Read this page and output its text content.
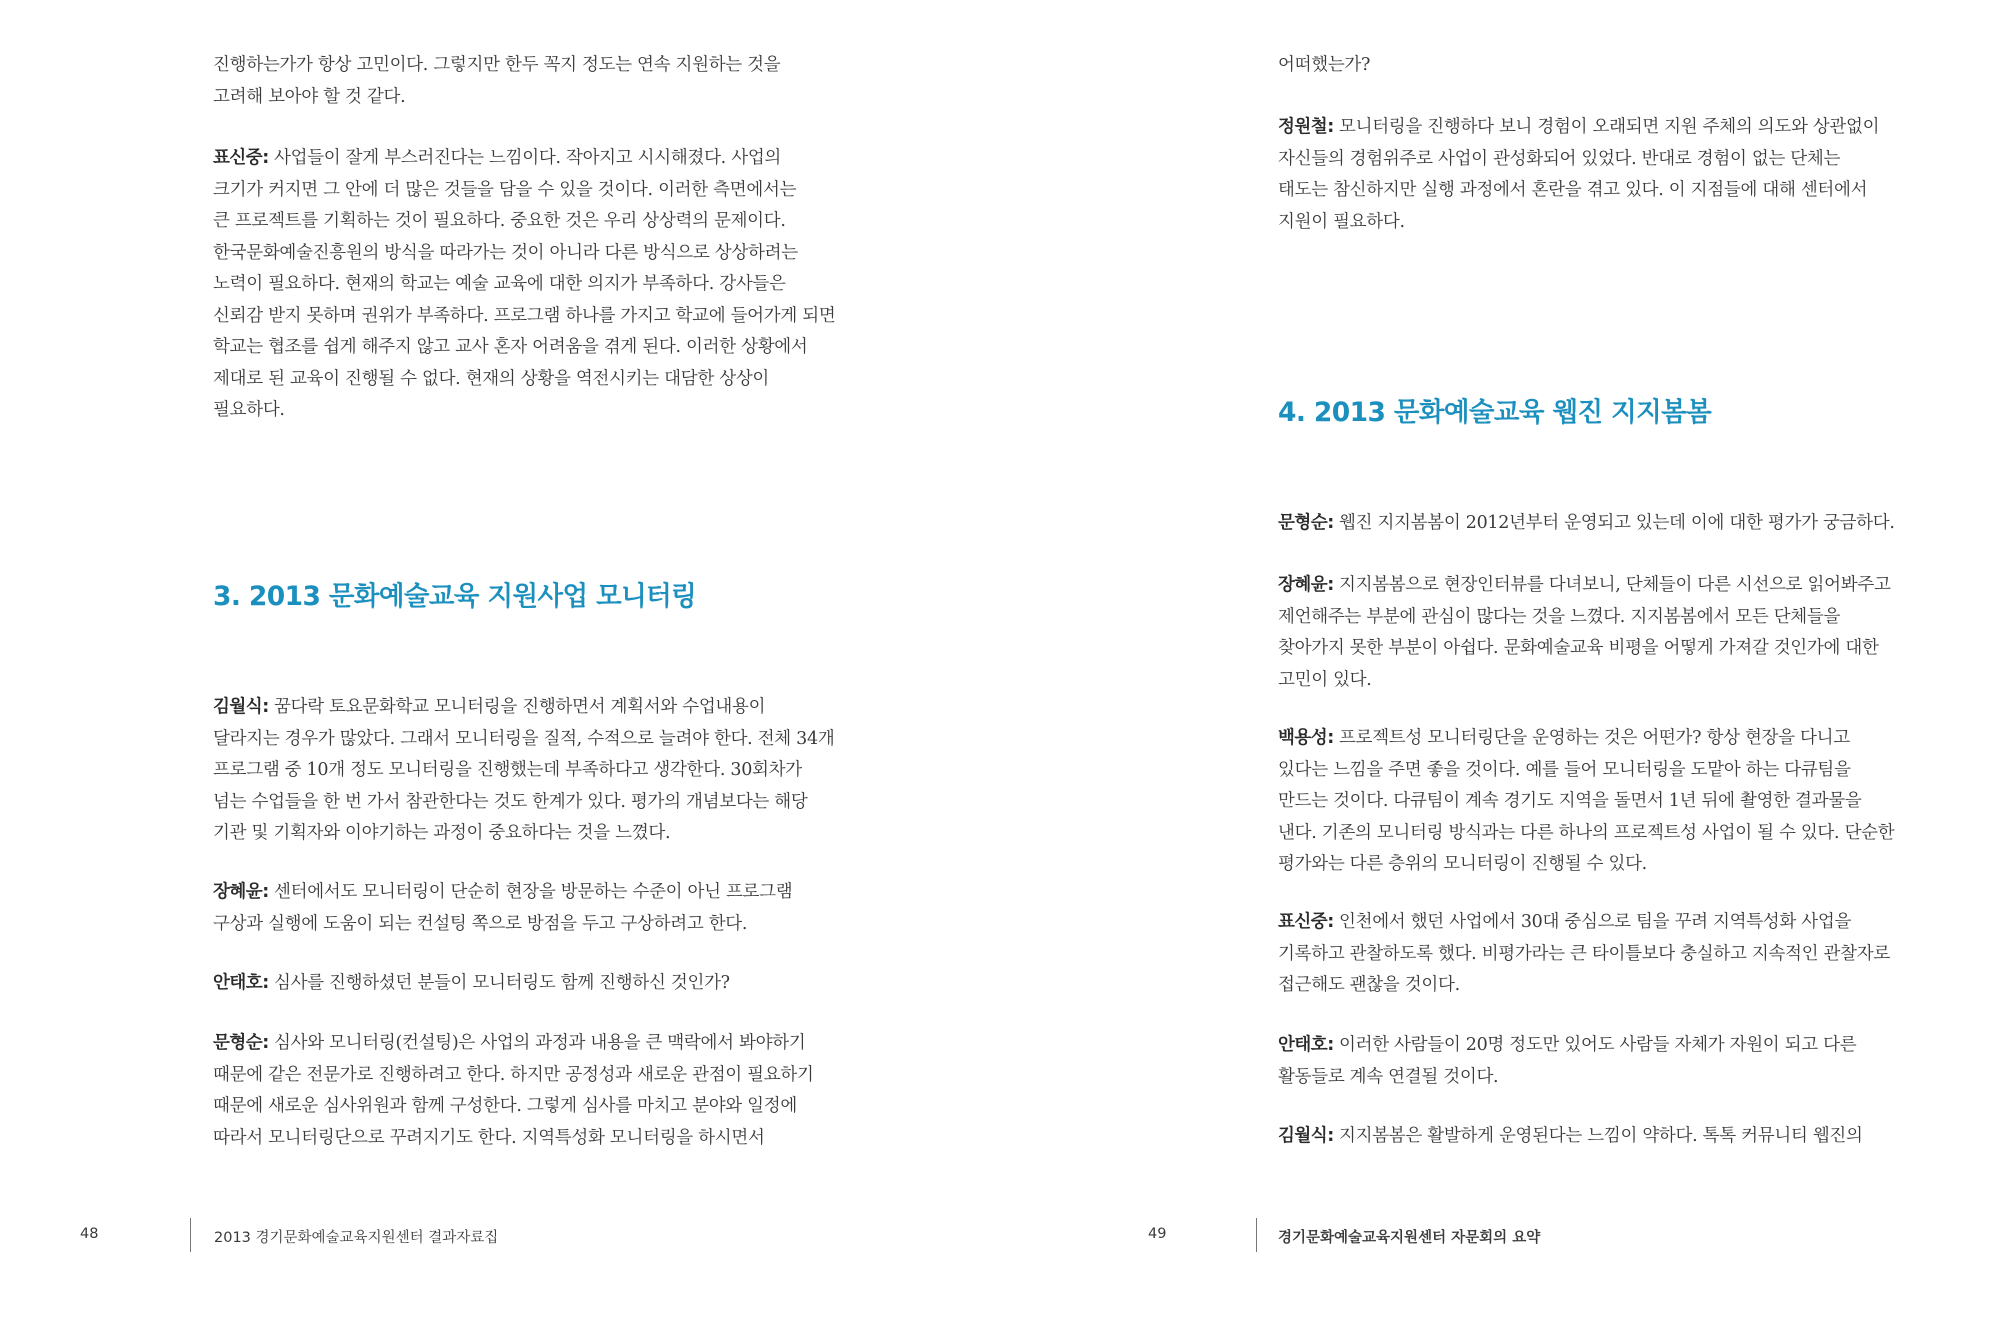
진행하는가가 항상 고민이다. 그렇지만 한두 꼭지 정도는 연속 지원하는 것을
고려해 보아야 할 것 같다.

표신중: 사업들이 잘게 부스러진다는 느낌이다. 작아지고 시시해졌다. 사업의
크기가 커지면 그 안에 더 많은 것들을 담을 수 있을 것이다. 이러한 측면에서는
큰 프로젝트를 기획하는 것이 필요하다. 중요한 것은 우리 상상력의 문제이다.
한국문화예술진흥원의 방식을 따라가는 것이 아니라 다른 방식으로 상상하려는
노력이 필요하다. 현재의 학교는 예술 교육에 대한 의지가 부족하다. 강사들은
신뢰감 받지 못하며 권위가 부족하다. 프로그램 하나를 가지고 학교에 들어가게 되면
학교는 협조를 쉽게 해주지 않고 교사 혼자 어려움을 겪게 된다. 이러한 상황에서
제대로 된 교육이 진행될 수 없다. 현재의 상황을 역전시키는 대담한 상상이
필요하다.

3. 2013 문화예술교육 지원사업 모니터링

김월식: 꿈다락 토요문화학교 모니터링을 진행하면서 계획서와 수업내용이
달라지는 경우가 많았다. 그래서 모니터링을 질적, 수적으로 늘려야 한다. 전체 34개
프로그램 중 10개 정도 모니터링을 진행했는데 부족하다고 생각한다. 30회차가
넘는 수업들을 한 번 가서 참관한다는 것도 한계가 있다. 평가의 개념보다는 해당
기관 및 기획자와 이야기하는 과정이 중요하다는 것을 느꼈다.

장혜윤: 센터에서도 모니터링이 단순히 현장을 방문하는 수준이 아닌 프로그램
구상과 실행에 도움이 되는 컨설팅 쪽으로 방점을 두고 구상하려고 한다.

안태호: 심사를 진행하셨던 분들이 모니터링도 함께 진행하신 것인가?

문형순: 심사와 모니터링(컨설팅)은 사업의 과정과 내용을 큰 맥락에서 봐야하기
때문에 같은 전문가로 진행하려고 한다. 하지만 공정성과 새로운 관점이 필요하기
때문에 새로운 심사위원과 함께 구성한다. 그렇게 심사를 마치고 분야와 일정에
따라서 모니터링단으로 꾸려지기도 한다. 지역특성화 모니터링을 하시면서

48	2013 경기문화예술교육지원센터 결과자료집

어떠했는가?

정원철: 모니터링을 진행하다 보니 경험이 오래되면 지원 주체의 의도와 상관없이
자신들의 경험위주로 사업이 관성화되어 있었다. 반대로 경험이 없는 단체는
태도는 참신하지만 실행 과정에서 혼란을 겪고 있다. 이 지점들에 대해 센터에서
지원이 필요하다.

4. 2013 문화예술교육 웹진 지지봄봄

문형순: 웹진 지지봄봄이 2012년부터 운영되고 있는데 이에 대한 평가가 궁금하다.

장혜윤: 지지봄봄으로 현장인터뷰를 다녀보니, 단체들이 다른 시선으로 읽어봐주고
제언해주는 부분에 관심이 많다는 것을 느꼈다. 지지봄봄에서 모든 단체들을
찾아가지 못한 부분이 아쉽다. 문화예술교육 비평을 어떻게 가져갈 것인가에 대한
고민이 있다.

백용성: 프로젝트성 모니터링단을 운영하는 것은 어떤가? 항상 현장을 다니고
있다는 느낌을 주면 좋을 것이다. 예를 들어 모니터링을 도맡아 하는 다큐팀을
만드는 것이다. 다큐팀이 계속 경기도 지역을 돌면서 1년 뒤에 촬영한 결과물을
낸다. 기존의 모니터링 방식과는 다른 하나의 프로젝트성 사업이 될 수 있다. 단순한
평가와는 다른 층위의 모니터링이 진행될 수 있다.

표신중: 인천에서 했던 사업에서 30대 중심으로 팀을 꾸려 지역특성화 사업을
기록하고 관찰하도록 했다. 비평가라는 큰 타이틀보다 충실하고 지속적인 관찰자로
접근해도 괜찮을 것이다.

안태호: 이러한 사람들이 20명 정도만 있어도 사람들 자체가 자원이 되고 다른
활동들로 계속 연결될 것이다.

김월식: 지지봄봄은 활발하게 운영된다는 느낌이 약하다. 톡톡 커뮤니티 웹진의

49	경기문화예술교육지원센터 자문회의 요약
